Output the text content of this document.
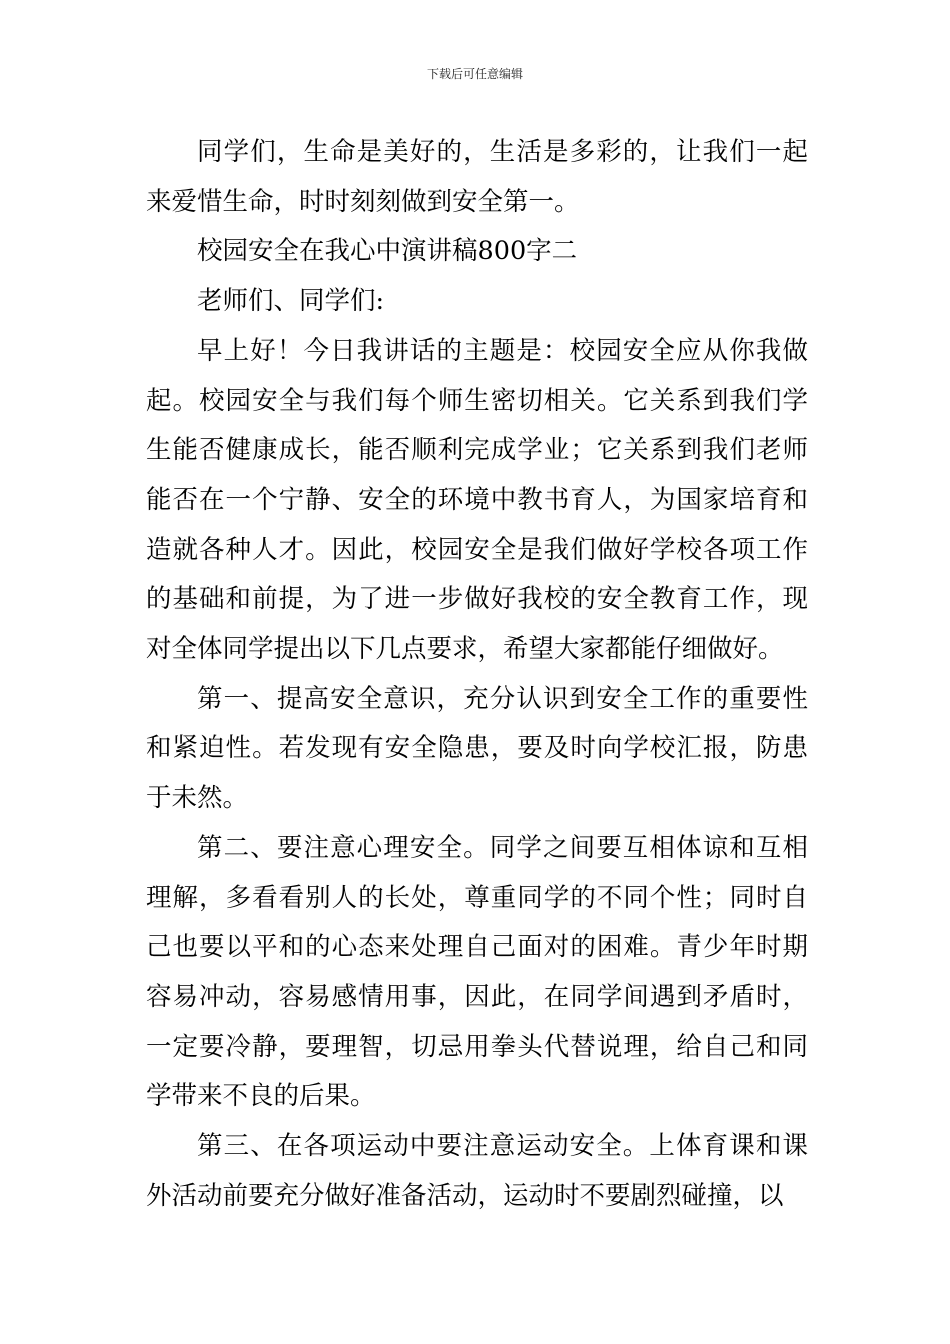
下载后可任意编辑

同学们，生命是美好的，生活是多彩的，让我们一起来爱惜生命，时时刻刻做到安全第一。

校园安全在我心中演讲稿800字二

老师们、同学们:

早上好！今日我讲话的主题是：校园安全应从你我做起。校园安全与我们每个师生密切相关。它关系到我们学生能否健康成长，能否顺利完成学业；它关系到我们老师能否在一个宁静、安全的环境中教书育人，为国家培育和造就各种人才。因此，校园安全是我们做好学校各项工作的基础和前提，为了进一步做好我校的安全教育工作，现对全体同学提出以下几点要求，希望大家都能仔细做好。

第一、提高安全意识，充分认识到安全工作的重要性和紧迫性。若发现有安全隐患，要及时向学校汇报，防患于未然。

第二、要注意心理安全。同学之间要互相体谅和互相理解，多看看别人的长处，尊重同学的不同个性；同时自己也要以平和的心态来处理自己面对的困难。青少年时期容易冲动，容易感情用事，因此，在同学间遇到矛盾时，一定要冷静，要理智，切忌用拳头代替说理，给自己和同学带来不良的后果。

第三、在各项运动中要注意运动安全。上体育课和课外活动前要充分做好准备活动，运动时不要剧烈碰撞，以
